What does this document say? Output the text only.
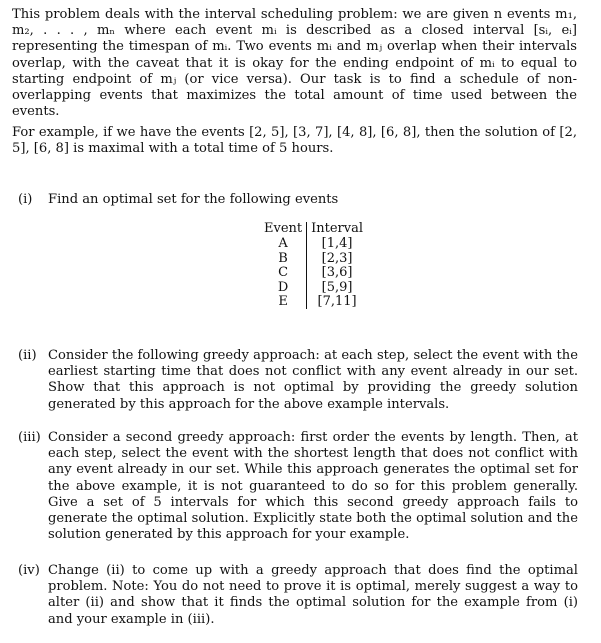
This problem deals with the interval scheduling problem: we are given n events m₁, m₂, . . . , mₙ where each event mᵢ is described as a closed interval [sᵢ, eᵢ] representing the timespan of mᵢ. Two events mᵢ and mⱼ overlap when their intervals overlap, with the caveat that it is okay for the ending endpoint of mᵢ to equal to starting endpoint of mⱼ (or vice versa). Our task is to find a schedule of non-overlapping events that maximizes the total amount of time used between the events.

For example, if we have the events [2, 5], [3, 7], [4, 8], [6, 8], then the solution of [2, 5], [6, 8] is maximal with a total time of 5 hours.

(i) Find an optimal set for the following events
Event	Interval
A	[1,4]
B	[2,3]
C	[3,6]
D	[5,9]
E	[7,11]
(ii) Consider the following greedy approach: at each step, select the event with the earliest starting time that does not conflict with any event already in our set. Show that this approach is not optimal by providing the greedy solution generated by this approach for the above example intervals.
(iii) Consider a second greedy approach: first order the events by length. Then, at each step, select the event with the shortest length that does not conflict with any event already in our set. While this approach generates the optimal set for the above example, it is not guaranteed to do so for this problem generally. Give a set of 5 intervals for which this second greedy approach fails to generate the optimal solution. Explicitly state both the optimal solution and the solution generated by this approach for your example.
(iv) Change (ii) to come up with a greedy approach that does find the optimal problem. Note: You do not need to prove it is optimal, merely suggest a way to alter (ii) and show that it finds the optimal solution for the example from (i) and your example in (iii).
